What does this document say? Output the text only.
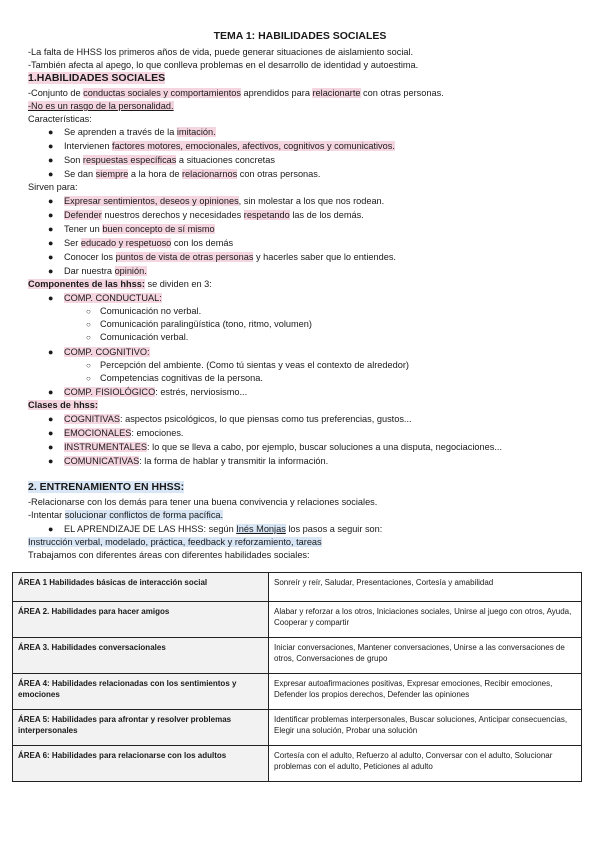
TEMA 1: HABILIDADES SOCIALES
-La falta de HHSS los primeros años de vida, puede generar situaciones de aislamiento social.
-También afecta al apego, lo que conlleva problemas en el desarrollo de identidad y autoestima.
1.HABILIDADES SOCIALES
-Conjunto de conductas sociales y comportamientos aprendidos para relacionarte con otras personas.
-No es un rasgo de la personalidad.
Características:
● Se aprenden a través de la imitación.
● Intervienen factores motores, emocionales, afectivos, cognitivos y comunicativos.
● Son respuestas específicas a situaciones concretas
● Se dan siempre a la hora de relacionarnos con otras personas.
Sirven para:
● Expresar sentimientos, deseos y opiniones, sin molestar a los que nos rodean.
● Defender nuestros derechos y necesidades respetando las de los demás.
● Tener un buen concepto de sí mismo
● Ser educado y respetuoso con los demás
● Conocer los puntos de vista de otras personas y hacerles saber que lo entiendes.
● Dar nuestra opinión.
Componentes de las hhss: se dividen en 3:
● COMP. CONDUCTUAL:
○ Comunicación no verbal.
○ Comunicación paralingüística (tono, ritmo, volumen)
○ Comunicación verbal.
● COMP. COGNITIVO:
○ Percepción del ambiente. (Como tú sientas y veas el contexto de alrededor)
○ Competencias cognitivas de la persona.
● COMP. FISIOLÓGICO: estrés, nerviosismo...
Clases de hhss:
● COGNITIVAS: aspectos psicológicos, lo que piensas como tus preferencias, gustos...
● EMOCIONALES: emociones.
● INSTRUMENTALES: lo que se lleva a cabo, por ejemplo, buscar soluciones a una disputa, negociaciones...
● COMUNICATIVAS: la forma de hablar y transmitir la información.
2. ENTRENAMIENTO EN HHSS:
-Relacionarse con los demás para tener una buena convivencia y relaciones sociales.
-Intentar solucionar conflictos de forma pacífica.
● EL APRENDIZAJE DE LAS HHSS: según Inés Monjas los pasos a seguir son:
Instrucción verbal, modelado, práctica, feedback y reforzamiento, tareas
Trabajamos con diferentes áreas con diferentes habilidades sociales:
ÁREA 1 Habilidades básicas de interacción social	Sonreír y reír, Saludar, Presentaciones, Cortesía y amabilidad
ÁREA 2. Habilidades para hacer amigos	Alabar y reforzar a los otros, Iniciaciones sociales, Unirse al juego con otros, Ayuda, Cooperar y compartir
ÁREA 3. Habilidades conversacionales	Iniciar conversaciones, Mantener conversaciones, Unirse a las conversaciones de otros, Conversaciones de grupo
ÁREA 4: Habilidades relacionadas con los sentimientos y emociones	Expresar autoafirmaciones positivas, Expresar emociones, Recibir emociones, Defender los propios derechos, Defender las opiniones
ÁREA 5: Habilidades para afrontar y resolver problemas interpersonales	Identificar problemas interpersonales, Buscar soluciones, Anticipar consecuencias, Elegir una solución, Probar una solución
ÁREA 6: Habilidades para relacionarse con los adultos	Cortesía con el adulto, Refuerzo al adulto, Conversar con el adulto, Solucionar problemas con el adulto, Peticiones al adulto
